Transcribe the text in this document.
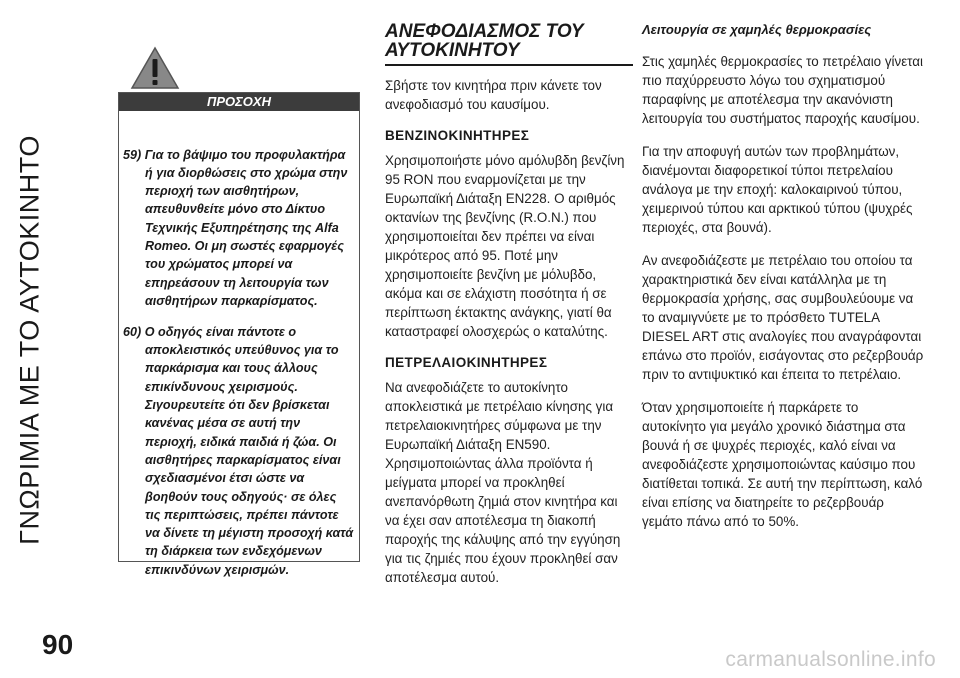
ΓΝΩΡΙΜΙΑ ΜΕ ΤΟ ΑΥΤΟΚΙΝΗΤΟ
ΠΡΟΣΟΧΗ

59) Για το βάψιμο του προφυλακτήρα ή για διορθώσεις στο χρώμα στην περιοχή των αισθητήρων, απευθυνθείτε μόνο στο Δίκτυο Τεχνικής Εξυπηρέτησης της Alfa Romeo. Οι μη σωστές εφαρμογές του χρώματος μπορεί να επηρεάσουν τη λειτουργία των αισθητήρων παρκαρίσματος.

60) Ο οδηγός είναι πάντοτε ο αποκλειστικός υπεύθυνος για το παρκάρισμα και τους άλλους επικίνδυνους χειρισμούς. Σιγουρευτείτε ότι δεν βρίσκεται κανένας μέσα σε αυτή την περιοχή, ειδικά παιδιά ή ζώα. Οι αισθητήρες παρκαρίσματος είναι σχεδιασμένοι έτσι ώστε να βοηθούν τους οδηγούς· σε όλες τις περιπτώσεις, πρέπει πάντοτε να δίνετε τη μέγιστη προσοχή κατά τη διάρκεια των ενδεχόμενων επικινδύνων χειρισμών.

ΑΝΕΦΟΔΙΑΣΜΟΣ ΤΟΥ ΑΥΤΟΚΙΝΗΤΟΥ

Σβήστε τον κινητήρα πριν κάνετε τον ανεφοδιασμό του καυσίμου.

ΒΕΝΖΙΝΟΚΙΝΗΤΗΡΕΣ

Χρησιμοποιήστε μόνο αμόλυβδη βενζίνη 95 RON που εναρμονίζεται με την Ευρωπαϊκή Διάταξη EN228. Ο αριθμός οκτανίων της βενζίνης (R.O.N.) που χρησιμοποιείται δεν πρέπει να είναι μικρότερος από 95. Ποτέ μην χρησιμοποιείτε βενζίνη με μόλυβδο, ακόμα και σε ελάχιστη ποσότητα ή σε περίπτωση έκτακτης ανάγκης, γιατί θα καταστραφεί ολοσχερώς ο καταλύτης.

ΠΕΤΡΕΛΑΙΟΚΙΝΗΤΗΡΕΣ

Να ανεφοδιάζετε το αυτοκίνητο αποκλειστικά με πετρέλαιο κίνησης για πετρελαιοκινητήρες σύμφωνα με την Ευρωπαϊκή Διάταξη EN590. Χρησιμοποιώντας άλλα προϊόντα ή μείγματα μπορεί να προκληθεί ανεπανόρθωτη ζημιά στον κινητήρα και να έχει σαν αποτέλεσμα τη διακοπή παροχής της κάλυψης από την εγγύηση για τις ζημιές που έχουν προκληθεί σαν αποτέλεσμα αυτού.

Λειτουργία σε χαμηλές θερμοκρασίες

Στις χαμηλές θερμοκρασίες το πετρέλαιο γίνεται πιο παχύρρευστο λόγω του σχηματισμού παραφίνης με αποτέλεσμα την ακανόνιστη λειτουργία του συστήματος παροχής καυσίμου.

Για την αποφυγή αυτών των προβλημάτων, διανέμονται διαφορετικοί τύποι πετρελαίου ανάλογα με την εποχή: καλοκαιρινού τύπου, χειμερινού τύπου και αρκτικού τύπου (ψυχρές περιοχές, στα βουνά).

Αν ανεφοδιάζεστε με πετρέλαιο του οποίου τα χαρακτηριστικά δεν είναι κατάλληλα με τη θερμοκρασία χρήσης, σας συμβουλεύουμε να το αναμιγνύετε με το πρόσθετο TUTELA DIESEL ART στις αναλογίες που αναγράφονται επάνω στο προϊόν, εισάγοντας στο ρεζερβουάρ πριν το αντιψυκτικό και έπειτα το πετρέλαιο.

Όταν χρησιμοποιείτε ή παρκάρετε το αυτοκίνητο για μεγάλο χρονικό διάστημα στα βουνά ή σε ψυχρές περιοχές, καλό είναι να ανεφοδιάζεστε χρησιμοποιώντας καύσιμο που διατίθεται τοπικά. Σε αυτή την περίπτωση, καλό είναι επίσης να διατηρείτε το ρεζερβουάρ γεμάτο πάνω από το 50%.

90	carmanualsonline.info
